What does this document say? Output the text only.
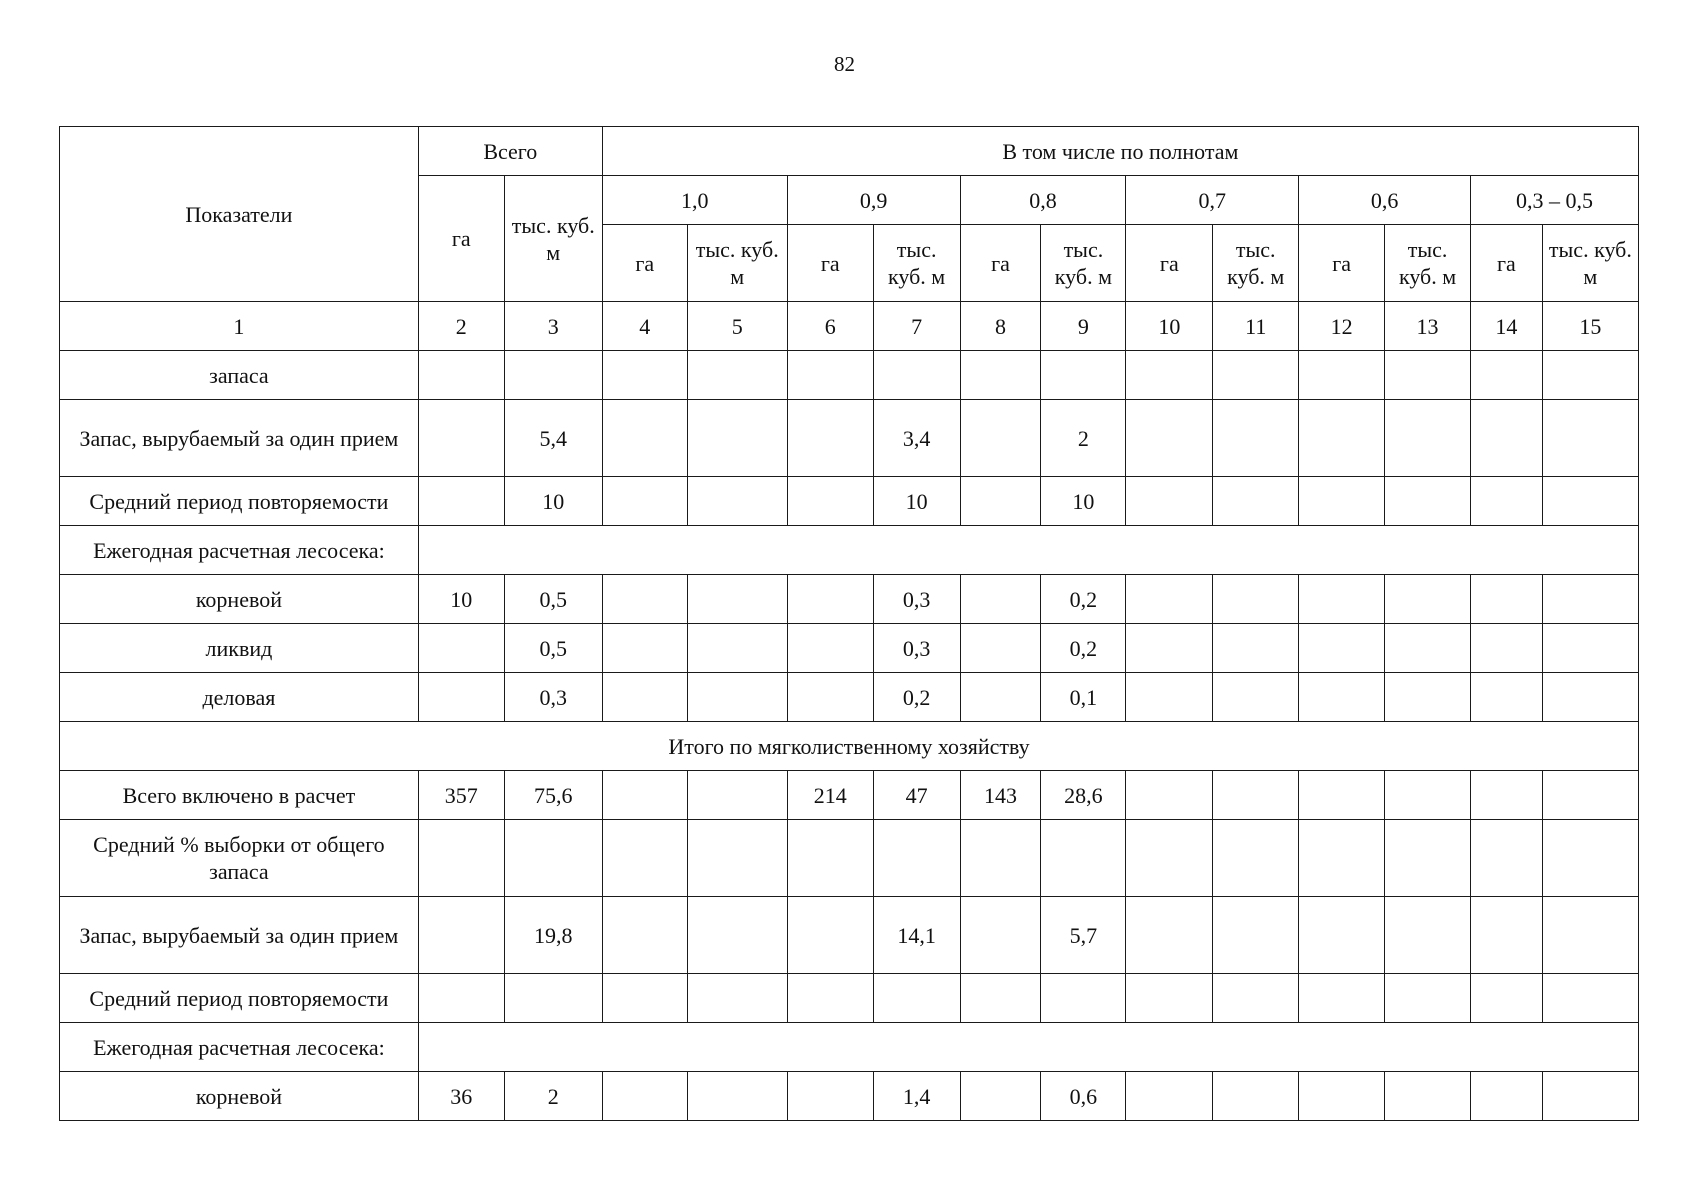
82
Показатели	Всего		В том числе по полнотам											
	га	тыс. куб. м	1,0		0,9		0,8		0,7		0,6		0,3 – 0,5	
			га	тыс. куб. м	га	тыс. куб. м	га	тыс. куб. м	га	тыс. куб. м	га	тыс. куб. м	га	тыс. куб. м
1	2	3	4	5	6	7	8	9	10	11	12	13	14	15
запаса														
Запас, вырубаемый за один прием		5,4				3,4		2						
Средний период повторяемости		10				10		10						
Ежегодная расчетная лесосека:														
корневой	10	0,5				0,3		0,2						
ликвид		0,5				0,3		0,2						
деловая		0,3				0,2		0,1						
Итого по мягколиственному хозяйству														
Всего включено в расчет	357	75,6			214	47	143	28,6						
Средний % выборки от общего запаса														
Запас, вырубаемый за один прием		19,8				14,1		5,7						
Средний период повторяемости														
Ежегодная расчетная лесосека:														
корневой	36	2				1,4		0,6						
